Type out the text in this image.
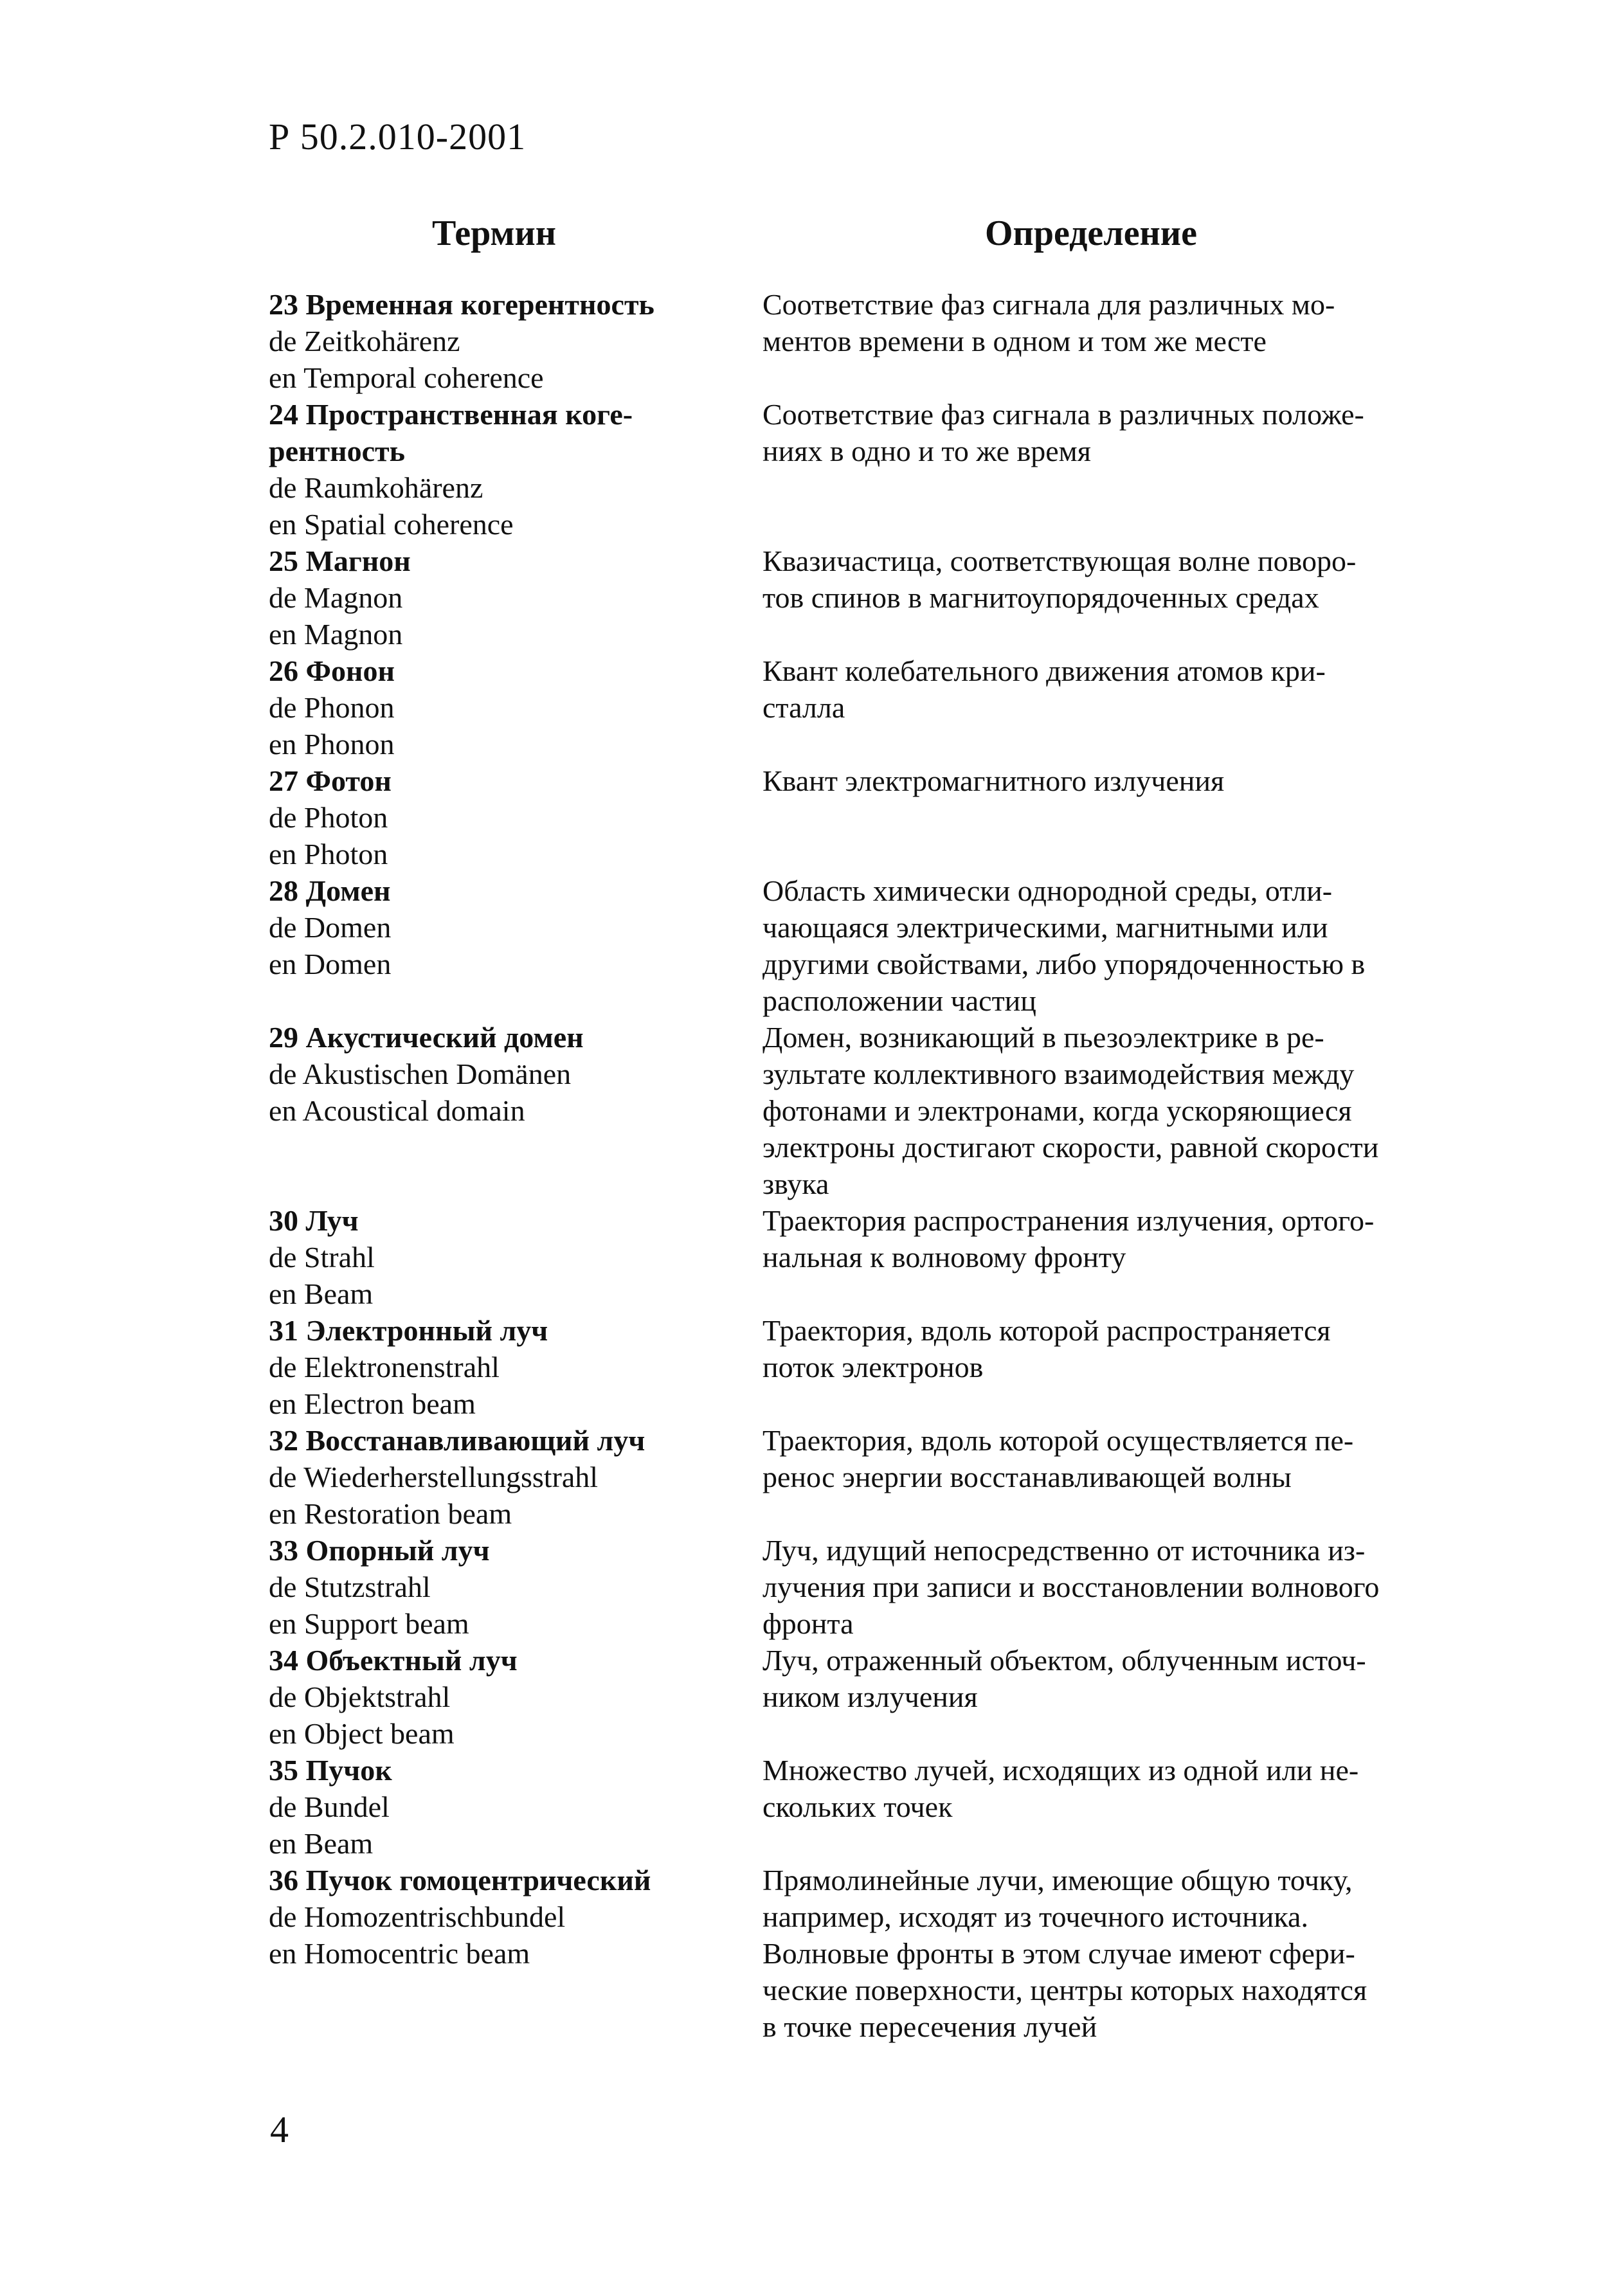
Р 50.2.010-2001
Термин	Определение
23 Временная когерентность
de Zeitkohärenz
en Temporal coherence
Соответствие фаз сигнала для различных мо-
ментов времени в одном и том же месте
24 Пространственная коге-
рентность
de Raumkohärenz
en Spatial coherence
Соответствие фаз сигнала в различных положе-
ниях в одно и то же время
25 Магнон
de Magnon
en Magnon
Квазичастица, соответствующая волне поворо-
тов спинов в магнитоупорядоченных средах
26 Фонон
de Phonon
en Phonon
Квант колебательного движения атомов кри-
сталла
27 Фотон
de Photon
en Photon
Квант электромагнитного излучения
28 Домен
de Domen
en Domen
Область химически однородной среды, отли-
чающаяся электрическими, магнитными или
другими свойствами, либо упорядоченностью в
расположении частиц
29 Акустический домен
de Akustischen Domänen
en Acoustical domain
Домен, возникающий в пьезоэлектрике в ре-
зультате коллективного взаимодействия между
фотонами и электронами, когда ускоряющиеся
электроны достигают скорости, равной скорости
звука
30 Луч
de Strahl
en Beam
Траектория распространения излучения, ортого-
нальная к волновому фронту
31 Электронный луч
de Elektronenstrahl
en Electron beam
Траектория, вдоль которой распространяется
поток электронов
32 Восстанавливающий луч
de Wiederherstellungsstrahl
en Restoration beam
Траектория, вдоль которой осуществляется пе-
ренос энергии восстанавливающей волны
33 Опорный луч
de Stutzstrahl
en Support beam
Луч, идущий непосредственно от источника из-
лучения при записи и восстановлении волнового
фронта
34 Объектный луч
de Objektstrahl
en Object beam
Луч, отраженный объектом, облученным источ-
ником излучения
35 Пучок
de Bundel
en Beam
Множество лучей, исходящих из одной или не-
скольких точек
36 Пучок гомоцентрический
de Homozentrischbundel
en Homocentric beam
Прямолинейные лучи, имеющие общую точку,
например, исходят из точечного источника.
Волновые фронты в этом случае имеют сфери-
ческие поверхности, центры которых находятся
в точке пересечения лучей
4
